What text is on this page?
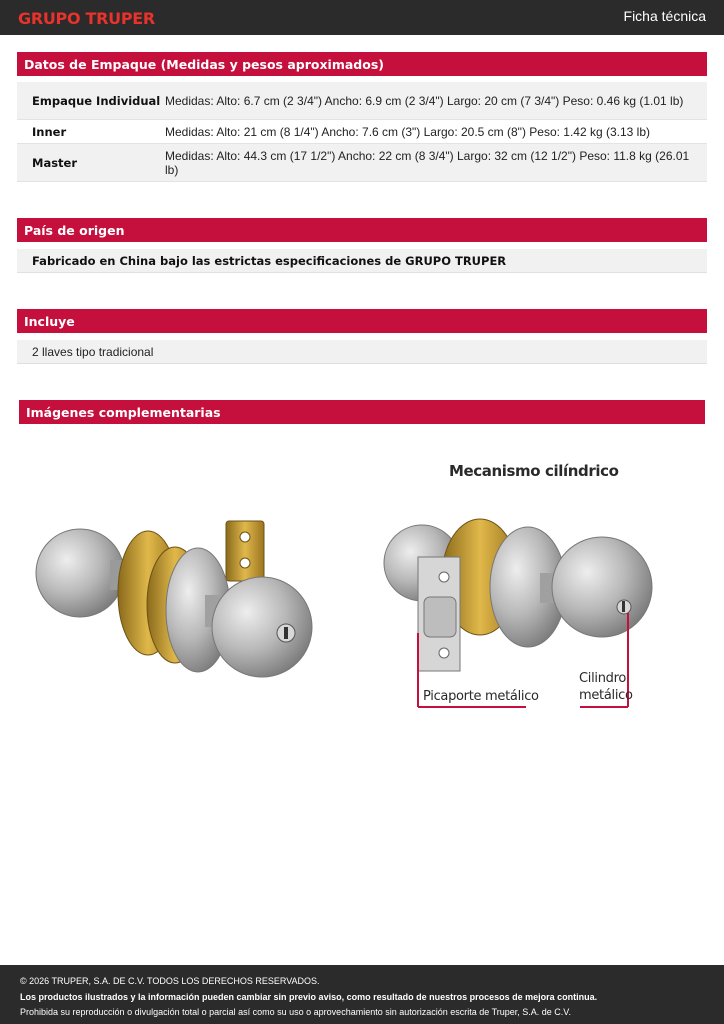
GRUPO TRUPER	Ficha técnica
Datos de Empaque (Medidas y pesos aproximados)
Empaque Individual Medidas: Alto: 6.7 cm (2 3/4") Ancho: 6.9 cm (2 3/4") Largo: 20 cm (7 3/4") Peso: 0.46 kg (1.01 lb)
Inner	Medidas: Alto: 21 cm (8 1/4") Ancho: 7.6 cm (3") Largo: 20.5 cm (8") Peso: 1.42 kg (3.13 lb)
Master	Medidas: Alto: 44.3 cm (17 1/2") Ancho: 22 cm (8 3/4") Largo: 32 cm (12 1/2") Peso: 11.8 kg (26.01 lb)
País de origen
Fabricado en China bajo las estrictas especificaciones de GRUPO TRUPER
Incluye
2 llaves tipo tradicional
Imágenes complementarias
Mecanismo cilíndrico
Picaporte metálico
Cilindro
metálico
© 2026 TRUPER, S.A. DE C.V. TODOS LOS DERECHOS RESERVADOS.
Los productos ilustrados y la información pueden cambiar sin previo aviso, como resultado de nuestros procesos de mejora continua.
Prohibida su reproducción o divulgación total o parcial así como su uso o aprovechamiento sin autorización escrita de Truper, S.A. de C.V.
